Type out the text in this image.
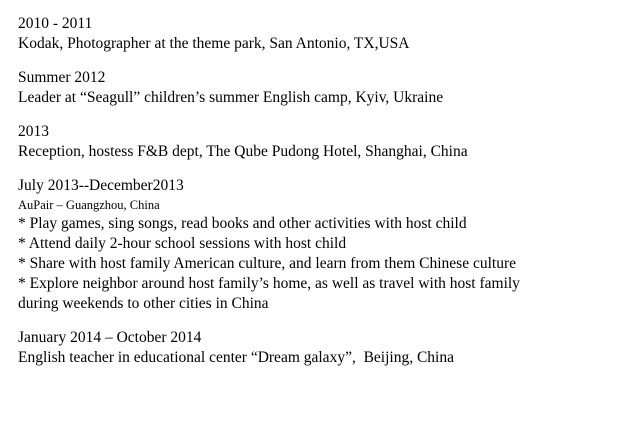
2010 - 2011
Kodak, Photographer at the theme park, San Antonio, TX,USA
Summer 2012
Leader at “Seagull” children’s summer English camp, Kyiv, Ukraine
2013
Reception, hostess F&B dept, The Qube Pudong Hotel, Shanghai, China
July 2013--December2013
AuPair – Guangzhou, China
* Play games, sing songs, read books and other activities with host child
* Attend daily 2-hour school sessions with host child
* Share with host family American culture, and learn from them Chinese culture
* Explore neighbor around host family’s home, as well as travel with host family
during weekends to other cities in China
January 2014 – October 2014
English teacher in educational center “Dream galaxy”,  Beijing, China
